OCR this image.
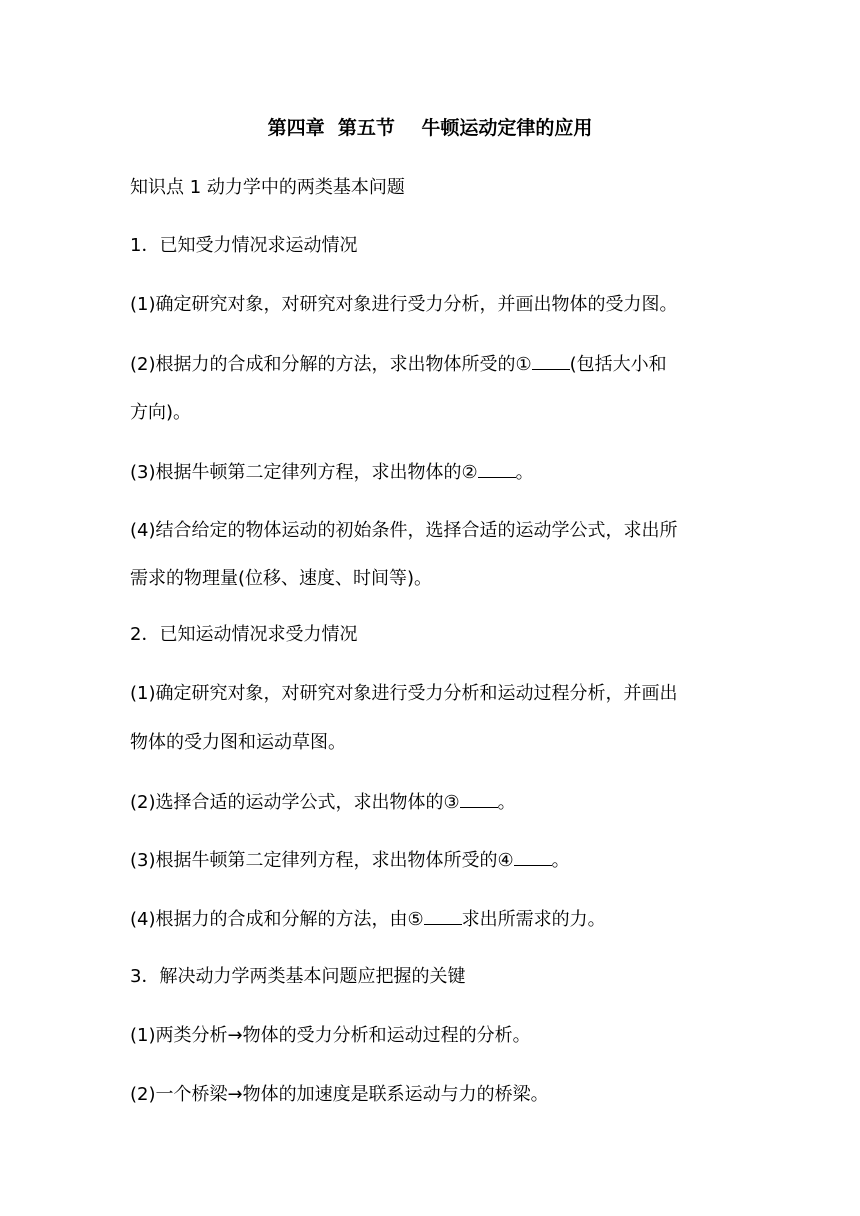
第四章  第五节    牛顿运动定律的应用
知识点 1 动力学中的两类基本问题
1．已知受力情况求运动情况
(1)确定研究对象，对研究对象进行受力分析，并画出物体的受力图。
(2)根据力的合成和分解的方法，求出物体所受的① (包括大小和
方向)。
(3)根据牛顿第二定律列方程，求出物体的② 。
(4)结合给定的物体运动的初始条件，选择合适的运动学公式，求出所
需求的物理量(位移、速度、时间等)。
2．已知运动情况求受力情况
(1)确定研究对象，对研究对象进行受力分析和运动过程分析，并画出
物体的受力图和运动草图。
(2)选择合适的运动学公式，求出物体的③ 。
(3)根据牛顿第二定律列方程，求出物体所受的④ 。
(4)根据力的合成和分解的方法，由⑤ 求出所需求的力。
3．解决动力学两类基本问题应把握的关键
(1)两类分析→物体的受力分析和运动过程的分析。
(2)一个桥梁→物体的加速度是联系运动与力的桥梁。
